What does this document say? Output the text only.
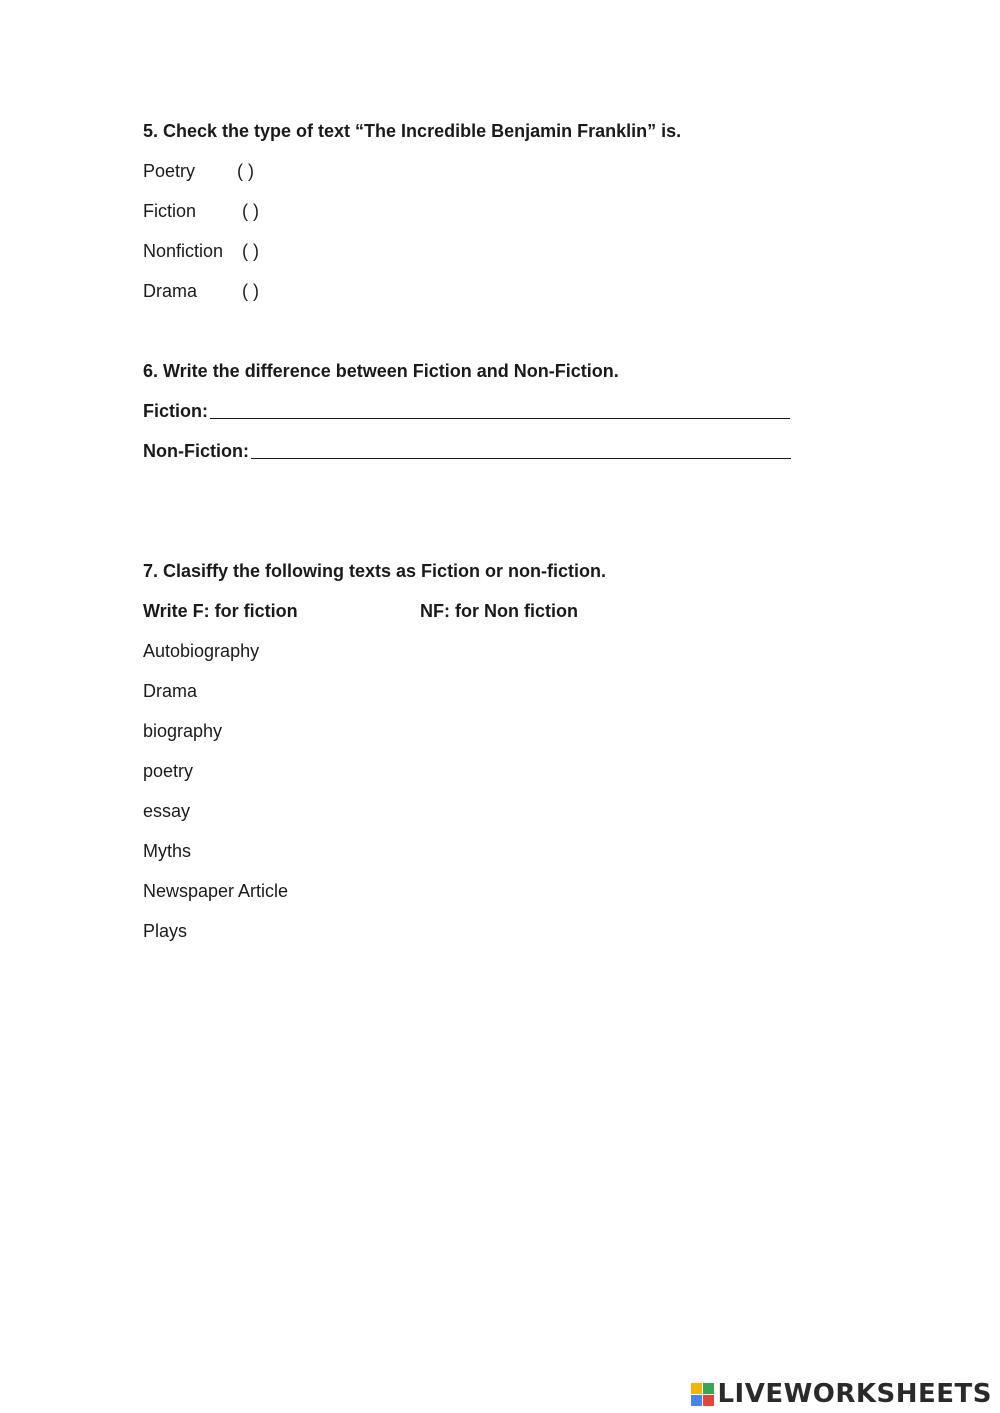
5. Check the type of text “The Incredible Benjamin Franklin” is.
Poetry ( )
Fiction	( )
Nonfiction ( )
Drama ( )
6. Write the difference between Fiction and Non-Fiction.
Fiction:
Non-Fiction:
7. Clasiffy the following texts as Fiction or non-fiction.
Write F: for fiction	NF: for Non fiction
Autobiography
Drama
biography
poetry
essay
Myths
Newspaper Article
Plays
LIVEWORKSHEETS
